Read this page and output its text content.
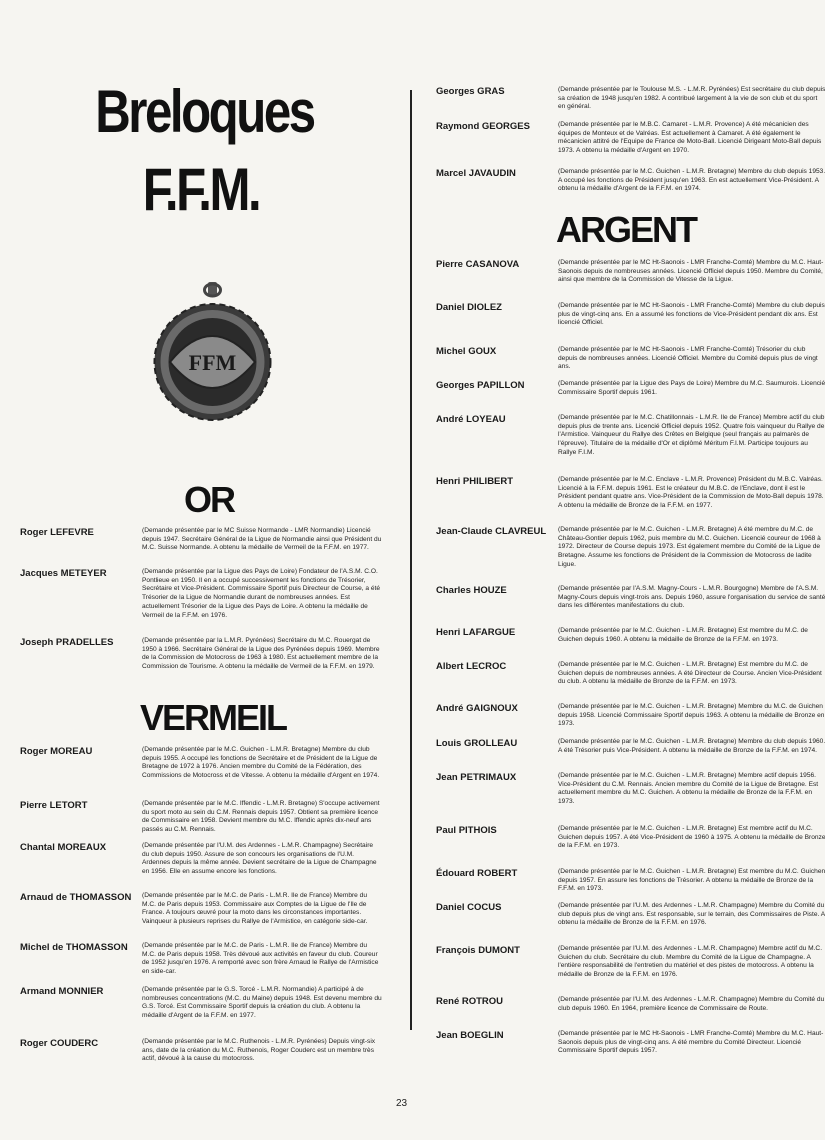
Breloques
F.F.M.
FFM
OR
VERMEIL
ARGENT
Roger LEFEVRE	(Demande présentée par le MC Suisse Normande - LMR Normandie) Licencié depuis 1947. Secrétaire Général de la Ligue de Normandie ainsi que Président du M.C. Suisse Normande. A obtenu la médaille de Vermeil de la F.F.M. en 1977.
Jacques METEYER	(Demande présentée par la Ligue des Pays de Loire) Fondateur de l'A.S.M. C.O. Pontlieue en 1950. Il en a occupé successivement les fonctions de Trésorier, Secrétaire et Vice-Président. Commissaire Sportif puis Directeur de Course, a été Trésorier de la Ligue de Normandie durant de nombreuses années. Est actuellement Trésorier de la Ligue des Pays de Loire. A obtenu la médaille de Vermeil de la F.F.M. en 1976.
Joseph PRADELLES	(Demande présentée par la L.M.R. Pyrénées) Secrétaire du M.C. Rouergat de 1950 à 1966. Secrétaire Général de la Ligue des Pyrénées depuis 1969. Membre de la Commission de Motocross de 1963 à 1980. Est actuellement membre de la Commission de Tourisme. A obtenu la médaille de Vermeil de la F.F.M. en 1979.
Roger MOREAU	(Demande présentée par le M.C. Guichen - L.M.R. Bretagne) Membre du club depuis 1955. A occupé les fonctions de Secrétaire et de Président de la Ligue de Bretagne de 1972 à 1976. Ancien membre du Comité de la Fédération, des Commissions de Motocross et de Vitesse. A obtenu la médaille d'Argent en 1974.
Pierre LETORT	(Demande présentée par le M.C. Iffendic - L.M.R. Bretagne) S'occupe activement du sport moto au sein du C.M. Rennais depuis 1957. Obtient sa première licence de Commissaire en 1958. Devient membre du M.C. Iffendic après dix-neuf ans passés au C.M. Rennais.
Chantal MOREAUX	(Demande présentée par l'U.M. des Ardennes - L.M.R. Champagne) Secrétaire du club depuis 1950. Assure de son concours les organisations de l'U.M. Ardennes depuis la même année. Devient secrétaire de la Ligue de Champagne en 1956. Elle en assume encore les fonctions.
Arnaud de THOMASSON (Demande présentée par le M.C. de Paris - L.M.R. Ile de France) Membre du M.C. de Paris depuis 1953. Commissaire aux Comptes de la Ligue de l'Ile de France. A toujours œuvré pour la moto dans les circonstances importantes. Vainqueur à plusieurs reprises du Rallye de l'Armistice, en catégorie side-car.
Michel de THOMASSON (Demande présentée par le M.C. de Paris - L.M.R. Ile de France) Membre du M.C. de Paris depuis 1958. Très dévoué aux activités en faveur du club. Coureur de 1952 jusqu'en 1976. A remporté avec son frère Arnaud le Rallye de l'Armistice en side-car.
Armand MONNIER	(Demande présentée par le G.S. Torcé - L.M.R. Normandie) A participé à de nombreuses concentrations (M.C. du Maine) depuis 1948. Est devenu membre du G.S. Torcé. Est Commissaire Sportif depuis la création du club. A obtenu la médaille d'Argent de la F.F.M. en 1977.
Roger COUDERC	(Demande présentée par le M.C. Ruthenois - L.M.R. Pyrénées) Depuis vingt-six ans, date de la création du M.C. Ruthenois, Roger Couderc est un membre très actif, dévoué à la cause du motocross.
Georges GRAS	(Demande présentée par le Toulouse M.S. - L.M.R. Pyrénées) Est secrétaire du club depuis sa création de 1948 jusqu'en 1982. A contribué largement à la vie de son club et du sport en général.
Raymond GEORGES	(Demande présentée par le M.B.C. Camaret - L.M.R. Provence) A été mécanicien des équipes de Monteux et de Valréas. Est actuellement à Camaret. A été également le mécanicien attitré de l'Equipe de France de Moto-Ball. Licencié Dirigeant Moto-Ball depuis 1973. A obtenu la médaille d'Argent en 1970.
Marcel JAVAUDIN	(Demande présentée par le M.C. Guichen - L.M.R. Bretagne) Membre du club depuis 1953. A occupé les fonctions de Président jusqu'en 1963. En est actuellement Vice-Président. A obtenu la médaille d'Argent de la F.F.M. en 1974.
Pierre CASANOVA	(Demande présentée par le MC Ht-Saonois - LMR Franche-Comté) Membre du M.C. Haut-Saonois depuis de nombreuses années. Licencié Officiel depuis 1950. Membre du Comité, ainsi que membre de la Commission de Vitesse de la Ligue.
Daniel DIOLEZ	(Demande présentée par le MC Ht-Saonois - LMR Franche-Comté) Membre du club depuis plus de vingt-cinq ans. En a assumé les fonctions de Vice-Président pendant dix ans. Est licencié Officiel.
Michel GOUX	(Demande présentée par le MC Ht-Saonois - LMR Franche-Comté) Trésorier du club depuis de nombreuses années. Licencié Officiel. Membre du Comité depuis plus de vingt ans.
Georges PAPILLON	(Demande présentée par la Ligue des Pays de Loire) Membre du M.C. Saumurois. Licencié Commissaire Sportif depuis 1961.
André LOYEAU	(Demande présentée par le M.C. Chatillonnais - L.M.R. Ile de France) Membre actif du club depuis plus de trente ans. Licencié Officiel depuis 1952. Quatre fois vainqueur du Rallye de l'Armistice. Vainqueur du Rallye des Crêtes en Belgique (seul français au palmarès de l'épreuve). Titulaire de la médaille d'Or et diplômé Méritum F.I.M. Participe toujours au Rallye F.I.M.
Henri PHILIBERT	(Demande présentée par le M.C. Enclave - L.M.R. Provence) Président du M.B.C. Valréas. Licencié à la F.F.M. depuis 1961. Est le créateur du M.B.C. de l'Enclave, dont il est le Président pendant quatre ans. Vice-Président de la Commission de Moto-Ball depuis 1978. A obtenu la médaille de Bronze de la F.F.M. en 1977.
Jean-Claude CLAVREUL (Demande présentée par le M.C. Guichen - L.M.R. Bretagne) A été membre du M.C. de Château-Gontier depuis 1962, puis membre du M.C. Guichen. Licencié coureur de 1968 à 1972. Directeur de Course depuis 1973. Est également membre du Comité de la Ligue de Bretagne. Assume les fonctions de Président de la Commission de Motocross de ladite Ligue.
Charles HOUZE	(Demande présentée par l'A.S.M. Magny-Cours - L.M.R. Bourgogne) Membre de l'A.S.M. Magny-Cours depuis vingt-trois ans. Depuis 1960, assure l'organisation du service de santé dans les différentes manifestations du club.
Henri LAFARGUE	(Demande présentée par le M.C. Guichen - L.M.R. Bretagne) Est membre du M.C. de Guichen depuis 1960. A obtenu la médaille de Bronze de la F.F.M. en 1973.
Albert LECROC	(Demande présentée par le M.C. Guichen - L.M.R. Bretagne) Est membre du M.C. de Guichen depuis de nombreuses années. A été Directeur de Course. Ancien Vice-Président du club. A obtenu la médaille de Bronze de la F.F.M. en 1973.
André GAIGNOUX	(Demande présentée par le M.C. Guichen - L.M.R. Bretagne) Membre du M.C. de Guichen depuis 1958. Licencié Commissaire Sportif depuis 1963. A obtenu la médaille de Bronze en 1973.
Louis GROLLEAU	(Demande présentée par le M.C. Guichen - L.M.R. Bretagne) Membre du club depuis 1960. A été Trésorier puis Vice-Président. A obtenu la médaille de Bronze de la F.F.M. en 1974.
Jean PETRIMAUX	(Demande présentée par le M.C. Guichen - L.M.R. Bretagne) Membre actif depuis 1956. Vice-Président du C.M. Rennais. Ancien membre du Comité de la Ligue de Bretagne. Est actuellement membre du M.C. Guichen. A obtenu la médaille de Bronze de la F.F.M. en 1973.
Paul PITHOIS	(Demande présentée par le M.C. Guichen - L.M.R. Bretagne) Est membre actif du M.C. Guichen depuis 1957. A été Vice-Président de 1960 à 1975. A obtenu la médaille de Bronze de la F.F.M. en 1973.
Édouard ROBERT	(Demande présentée par le M.C. Guichen - L.M.R. Bretagne) Est membre du M.C. Guichen depuis 1957. En assure les fonctions de Trésorier. A obtenu la médaille de Bronze de la F.F.M. en 1973.
Daniel COCUS	(Demande présentée par l'U.M. des Ardennes - L.M.R. Champagne) Membre du Comité du club depuis plus de vingt ans. Est responsable, sur le terrain, des Commissaires de Piste. A obtenu la médaille de Bronze de la F.F.M. en 1976.
François DUMONT	(Demande présentée par l'U.M. des Ardennes - L.M.R. Champagne) Membre actif du M.C. Guichen du club. Secrétaire du club. Membre du Comité de la Ligue de Champagne. A l'entière responsabilité de l'entretien du matériel et des pistes de motocross. A obtenu la médaille de Bronze de la F.F.M. en 1976.
René ROTROU	(Demande présentée par l'U.M. des Ardennes - L.M.R. Champagne) Membre du Comité du club depuis 1960. En 1964, première licence de Commissaire de Route.
Jean BOEGLIN	(Demande présentée par le MC Ht-Saonois - LMR Franche-Comté) Membre du M.C. Haut-Saonois depuis plus de vingt-cinq ans. A été membre du Comité Directeur. Licencié Commissaire Sportif depuis 1957.
23
